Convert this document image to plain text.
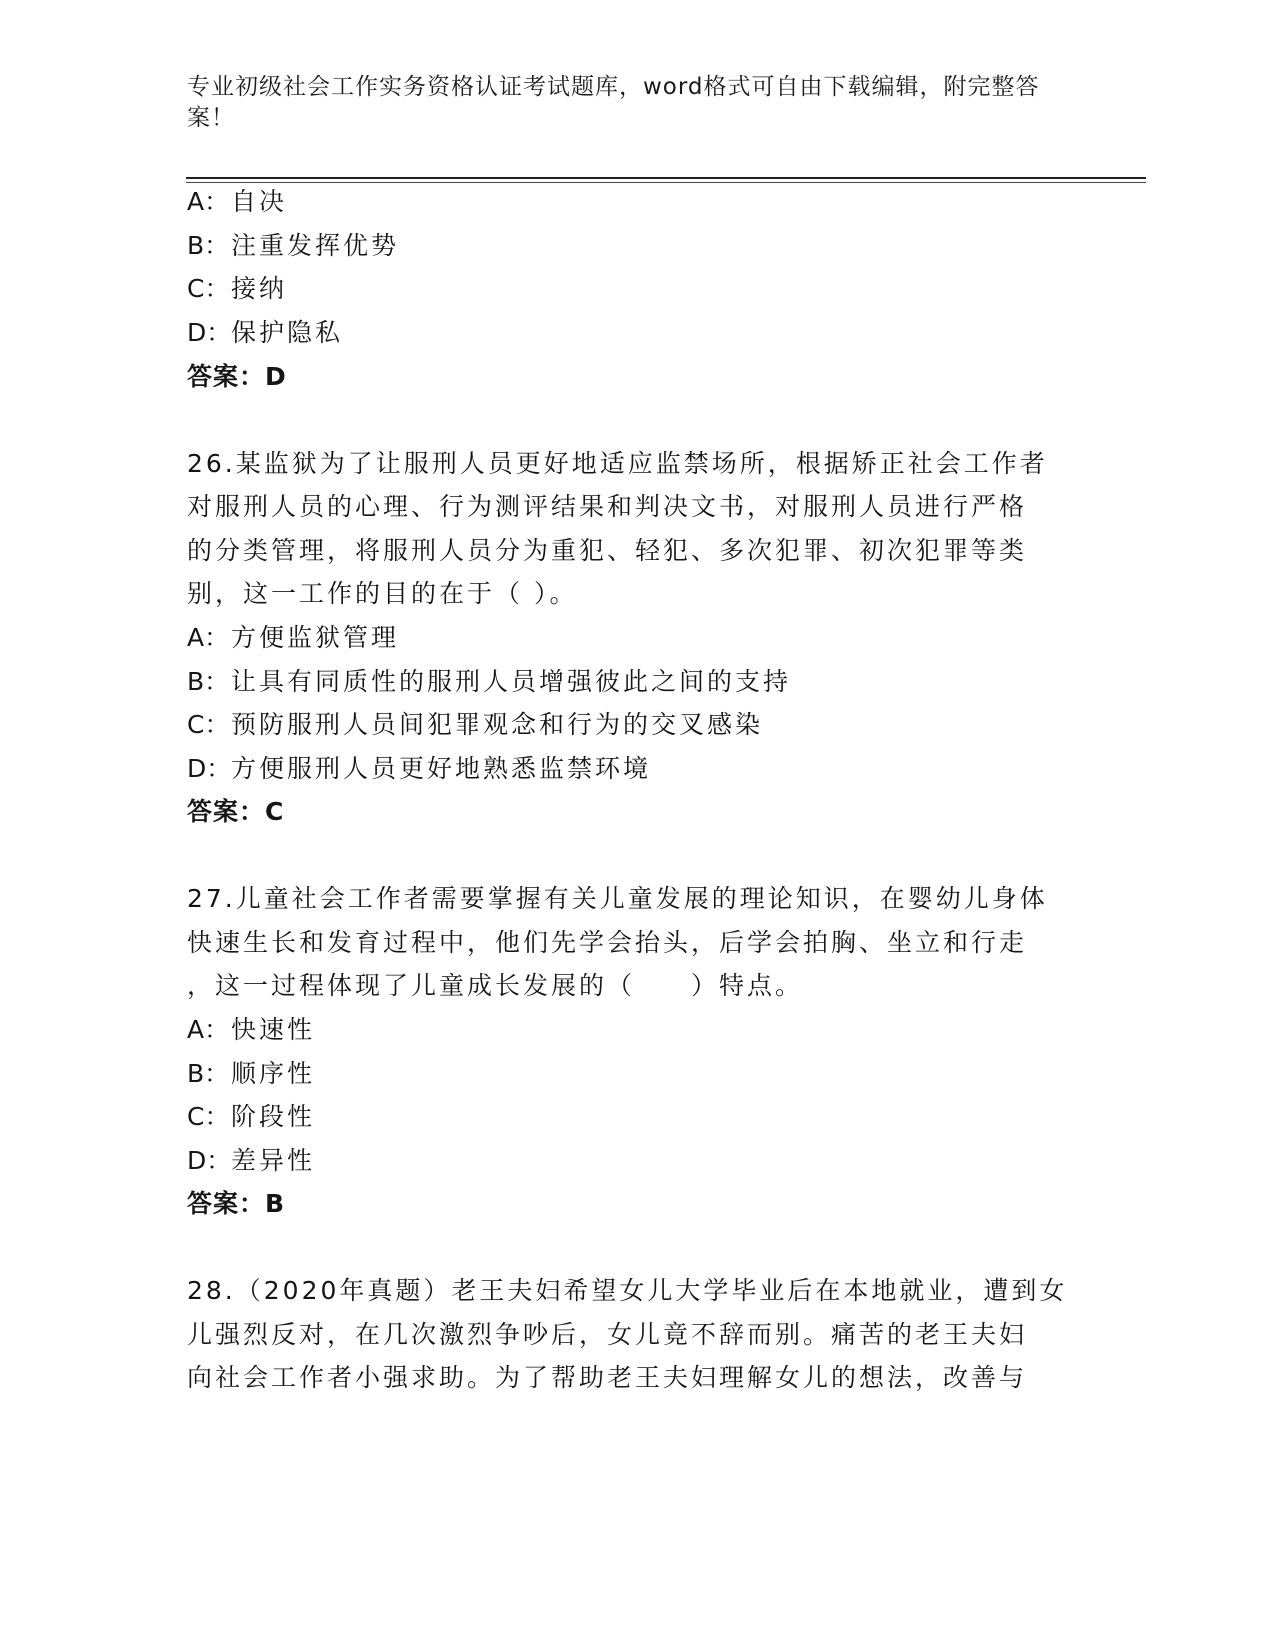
专业初级社会工作实务资格认证考试题库，word格式可自由下载编辑，附完整答
案！
A：自决
B：注重发挥优势
C：接纳
D：保护隐私
答案：D
26.某监狱为了让服刑人员更好地适应监禁场所，根据矫正社会工作者
对服刑人员的心理、行为测评结果和判决文书，对服刑人员进行严格
的分类管理，将服刑人员分为重犯、轻犯、多次犯罪、初次犯罪等类
别，这一工作的目的在于（ ）。
A：方便监狱管理
B：让具有同质性的服刑人员增强彼此之间的支持
C：预防服刑人员间犯罪观念和行为的交叉感染
D：方便服刑人员更好地熟悉监禁环境
答案：C
27.儿童社会工作者需要掌握有关儿童发展的理论知识，在婴幼儿身体
快速生长和发育过程中，他们先学会抬头，后学会拍胸、坐立和行走
，这一过程体现了儿童成长发展的（　　）特点。
A：快速性
B：顺序性
C：阶段性
D：差异性
答案：B
28.（2020年真题）老王夫妇希望女儿大学毕业后在本地就业，遭到女
儿强烈反对，在几次激烈争吵后，女儿竟不辞而别。痛苦的老王夫妇
向社会工作者小强求助。为了帮助老王夫妇理解女儿的想法，改善与
